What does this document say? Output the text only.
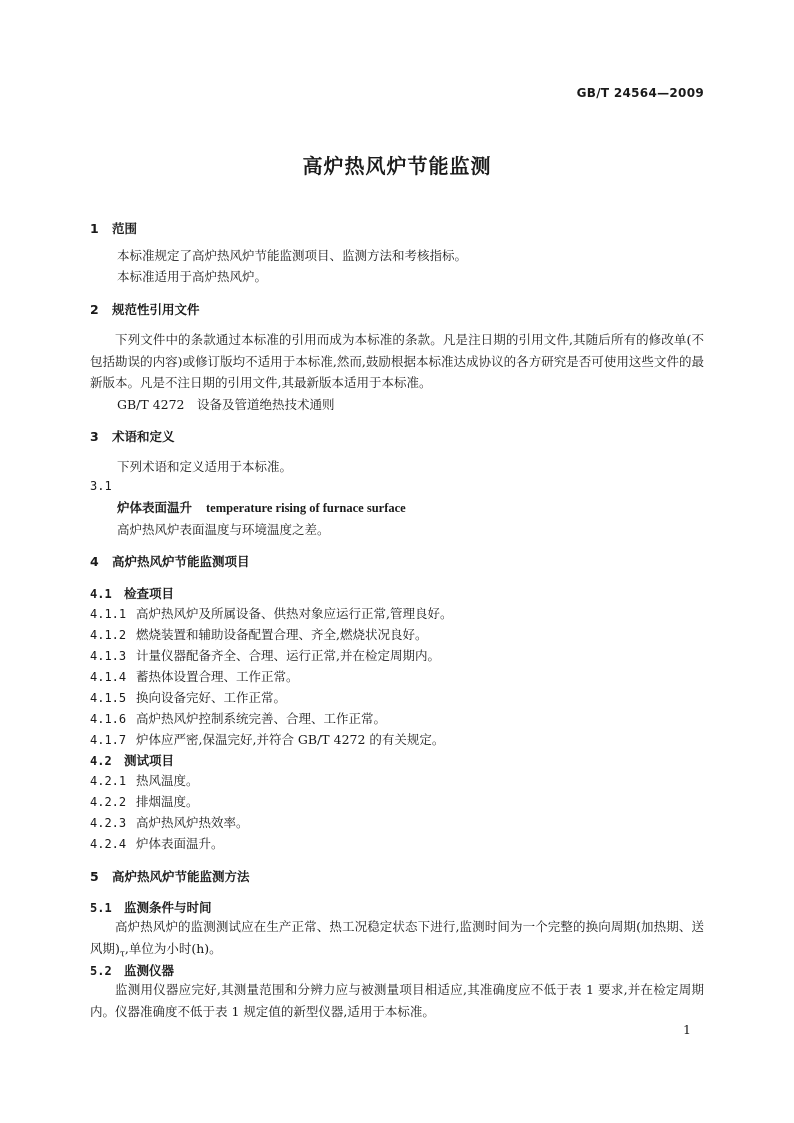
GB/T 24564—2009
高炉热风炉节能监测
1 范围
本标准规定了高炉热风炉节能监测项目、监测方法和考核指标。
本标准适用于高炉热风炉。
2 规范性引用文件
下列文件中的条款通过本标准的引用而成为本标准的条款。凡是注日期的引用文件,其随后所有的修改单(不包括勘误的内容)或修订版均不适用于本标准,然而,鼓励根据本标准达成协议的各方研究是否可使用这些文件的最新版本。凡是不注日期的引用文件,其最新版本适用于本标准。
GB/T 4272　设备及管道绝热技术通则
3 术语和定义
下列术语和定义适用于本标准。
3.1
炉体表面温升 temperature rising of furnace surface
高炉热风炉表面温度与环境温度之差。
4 高炉热风炉节能监测项目
4.1 检查项目
4.1.1 高炉热风炉及所属设备、供热对象应运行正常,管理良好。
4.1.2 燃烧装置和辅助设备配置合理、齐全,燃烧状况良好。
4.1.3 计量仪器配备齐全、合理、运行正常,并在检定周期内。
4.1.4 蓄热体设置合理、工作正常。
4.1.5 换向设备完好、工作正常。
4.1.6 高炉热风炉控制系统完善、合理、工作正常。
4.1.7 炉体应严密,保温完好,并符合 GB/T 4272 的有关规定。
4.2 测试项目
4.2.1 热风温度。
4.2.2 排烟温度。
4.2.3 高炉热风炉热效率。
4.2.4 炉体表面温升。
5 高炉热风炉节能监测方法
5.1 监测条件与时间
高炉热风炉的监测测试应在生产正常、热工况稳定状态下进行,监测时间为一个完整的换向周期(加热期、送风期)$_\tau$,单位为小时(h)。
5.2 监测仪器
监测用仪器应完好,其测量范围和分辨力应与被测量项目相适应,其准确度应不低于表 1 要求,并在检定周期内。仪器准确度不低于表 1 规定值的新型仪器,适用于本标准。
1
